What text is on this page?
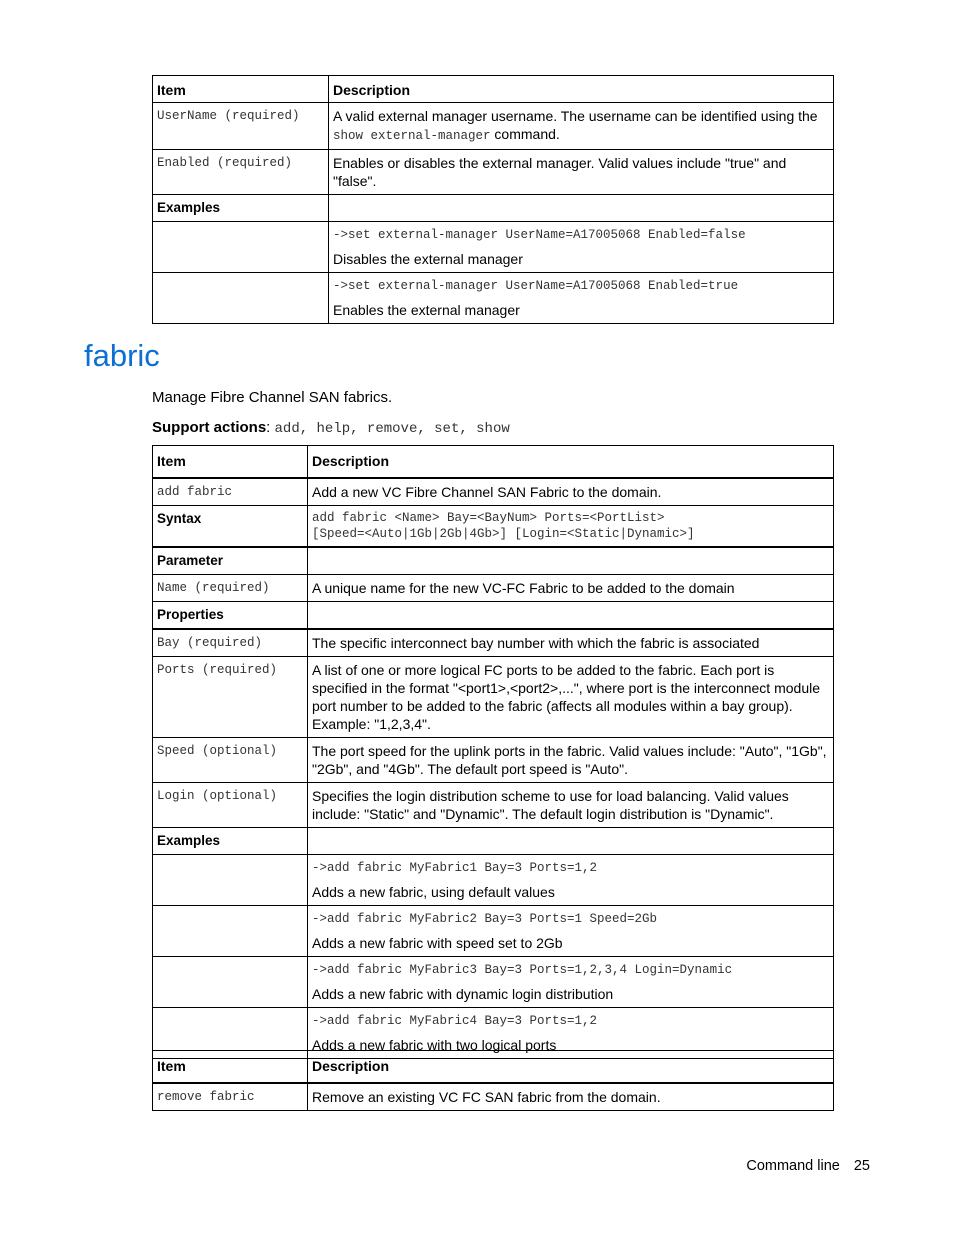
Item	Description
UserName (required)	A valid external manager username. The username can be identified using the show external-manager command.
Enabled (required)	Enables or disables the external manager. Valid values include "true" and "false".
Examples	

	->set external-manager UserName=A17005068 Enabled=false
Disables the external manager

	->set external-manager UserName=A17005068 Enabled=true
Enables the external manager
fabric

Manage Fibre Channel SAN fabrics.

Support actions: add, help, remove, set, show

Item	Description
add fabric	Add a new VC Fibre Channel SAN Fabric to the domain.
Syntax	add fabric <Name> Bay=<BayNum> Ports=<PortList>
[Speed=<Auto|1Gb|2Gb|4Gb>] [Login=<Static|Dynamic>]
Parameter	
Name (required)	A unique name for the new VC-FC Fabric to be added to the domain
Properties	
Bay (required)	The specific interconnect bay number with which the fabric is associated
Ports (required)	A list of one or more logical FC ports to be added to the fabric. Each port is specified in the format "<port1>,<port2>,...", where port is the interconnect module port number to be added to the fabric (affects all modules within a bay group). Example: "1,2,3,4".
Speed (optional)	The port speed for the uplink ports in the fabric. Valid values include: "Auto", "1Gb", "2Gb", and "4Gb". The default port speed is "Auto".
Login (optional)	Specifies the login distribution scheme to use for load balancing. Valid values include: "Static" and "Dynamic". The default login distribution is "Dynamic".
Examples	

	->add fabric MyFabric1 Bay=3 Ports=1,2
Adds a new fabric, using default values

	->add fabric MyFabric2 Bay=3 Ports=1 Speed=2Gb
Adds a new fabric with speed set to 2Gb

	->add fabric MyFabric3 Bay=3 Ports=1,2,3,4 Login=Dynamic
Adds a new fabric with dynamic login distribution

	->add fabric MyFabric4 Bay=3 Ports=1,2
Adds a new fabric with two logical ports
Item	Description
remove fabric	Remove an existing VC FC SAN fabric from the domain.
Command line 25
